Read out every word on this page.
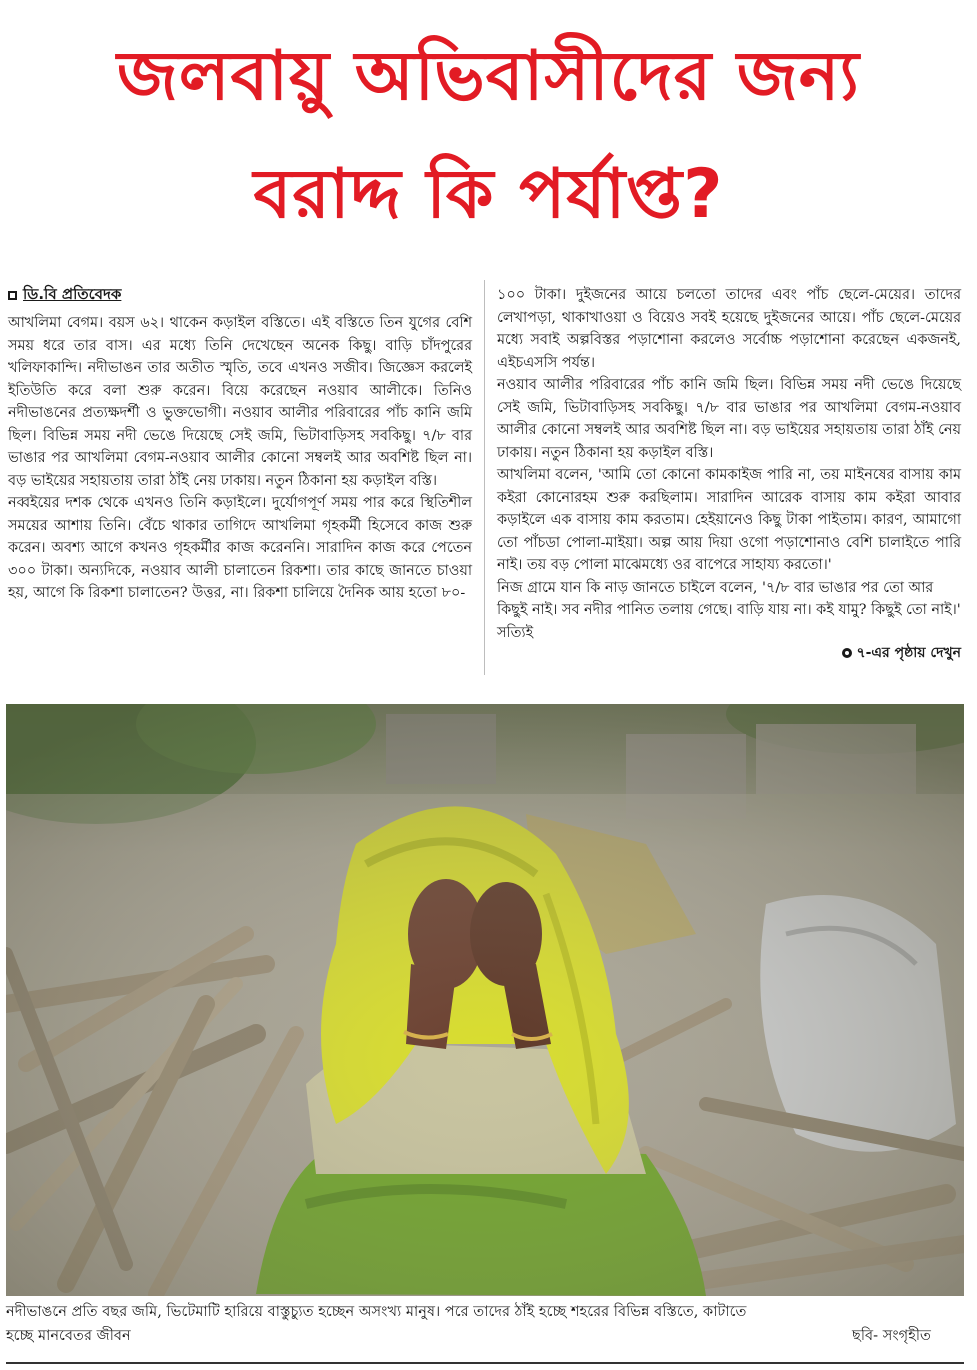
জলবায়ু অভিবাসীদের জন্য
বরাদ্দ কি পর্যাপ্ত?
ডি.বি প্রতিবেদক

আখলিমা বেগম। বয়স ৬২। থাকেন কড়াইল বস্তিতে। এই বস্তিতে তিন যুগের বেশি সময় ধরে তার বাস। এর মধ্যে তিনি দেখেছেন অনেক কিছু। বাড়ি চাঁদপুরের খলিফাকান্দি। নদীভাঙন তার অতীত স্মৃতি, তবে এখনও সজীব। জিজ্ঞেস করলেই ইতিউতি করে বলা শুরু করেন। বিয়ে করেছেন নওয়াব আলীকে। তিনিও নদীভাঙনের প্রত্যক্ষদর্শী ও ভুক্তভোগী। নওয়াব আলীর পরিবারের পাঁচ কানি জমি ছিল। বিভিন্ন সময় নদী ভেঙে দিয়েছে সেই জমি, ভিটাবাড়িসহ সবকিছু। ৭/৮ বার ভাঙার পর আখলিমা বেগম-নওয়াব আলীর কোনো সম্বলই আর অবশিষ্ট ছিল না। বড় ভাইয়ের সহায়তায় তারা ঠাঁই নেয় ঢাকায়। নতুন ঠিকানা হয় কড়াইল বস্তি।

নব্বইয়ের দশক থেকে এখনও তিনি কড়াইলে। দুর্যোগপূর্ণ সময় পার করে স্থিতিশীল সময়ের আশায় তিনি। বেঁচে থাকার তাগিদে আখলিমা গৃহকর্মী হিসেবে কাজ শুরু করেন। অবশ্য আগে কখনও গৃহকর্মীর কাজ করেননি। সারাদিন কাজ করে পেতেন ৩০০ টাকা। অন্যদিকে, নওয়াব আলী চালাতেন রিকশা। তার কাছে জানতে চাওয়া হয়, আগে কি রিকশা চালাতেন? উত্তর, না। রিকশা চালিয়ে দৈনিক আয় হতো ৮০-

১০০ টাকা। দুইজনের আয়ে চলতো তাদের এবং পাঁচ ছেলে-মেয়ের। তাদের লেখাপড়া, থাকাখাওয়া ও বিয়েও সবই হয়েছে দুইজনের আয়ে। পাঁচ ছেলে-মেয়ের মধ্যে সবাই অল্পবিস্তর পড়াশোনা করলেও সর্বোচ্চ পড়াশোনা করেছেন একজনই, এইচএসসি পর্যন্ত।

নওয়াব আলীর পরিবারের পাঁচ কানি জমি ছিল। বিভিন্ন সময় নদী ভেঙে দিয়েছে সেই জমি, ভিটাবাড়িসহ সবকিছু। ৭/৮ বার ভাঙার পর আখলিমা বেগম-নওয়াব আলীর কোনো সম্বলই আর অবশিষ্ট ছিল না। বড় ভাইয়ের সহায়তায় তারা ঠাঁই নেয় ঢাকায়। নতুন ঠিকানা হয় কড়াইল বস্তি।

আখলিমা বলেন, 'আমি তো কোনো কামকাইজ পারি না, তয় মাইনষের বাসায় কাম কইরা কোনোরহম শুরু করছিলাম। সারাদিন আরেক বাসায় কাম কইরা আবার কড়াইলে এক বাসায় কাম করতাম। হেইয়ানেও কিছু টাকা পাইতাম। কারণ, আমাগো তো পাঁচডা পোলা-মাইয়া। অল্প আয় দিয়া ওগো পড়াশোনাও বেশি চালাইতে পারি নাই। তয় বড় পোলা মাঝেমধ্যে ওর বাপেরে সাহায্য করতো।'

নিজ গ্রামে যান কি নাড় জানতে চাইলে বলেন, '৭/৮ বার ভাঙার পর তো আর কিছুই নাই। সব নদীর পানিত তলায় গেছে। বাড়ি যায় না। কই যামু? কিছুই তো নাই।' সত্যিই

৭-এর পৃষ্ঠায় দেখুন
নদীভাঙনে প্রতি বছর জমি, ভিটেমাটি হারিয়ে বাস্তুচ্যুত হচ্ছেন অসংখ্য মানুষ। পরে তাদের ঠাঁই হচ্ছে শহরের বিভিন্ন বস্তিতে, কাটাতে
হচ্ছে মানবেতর জীবন	ছবি- সংগৃহীত
